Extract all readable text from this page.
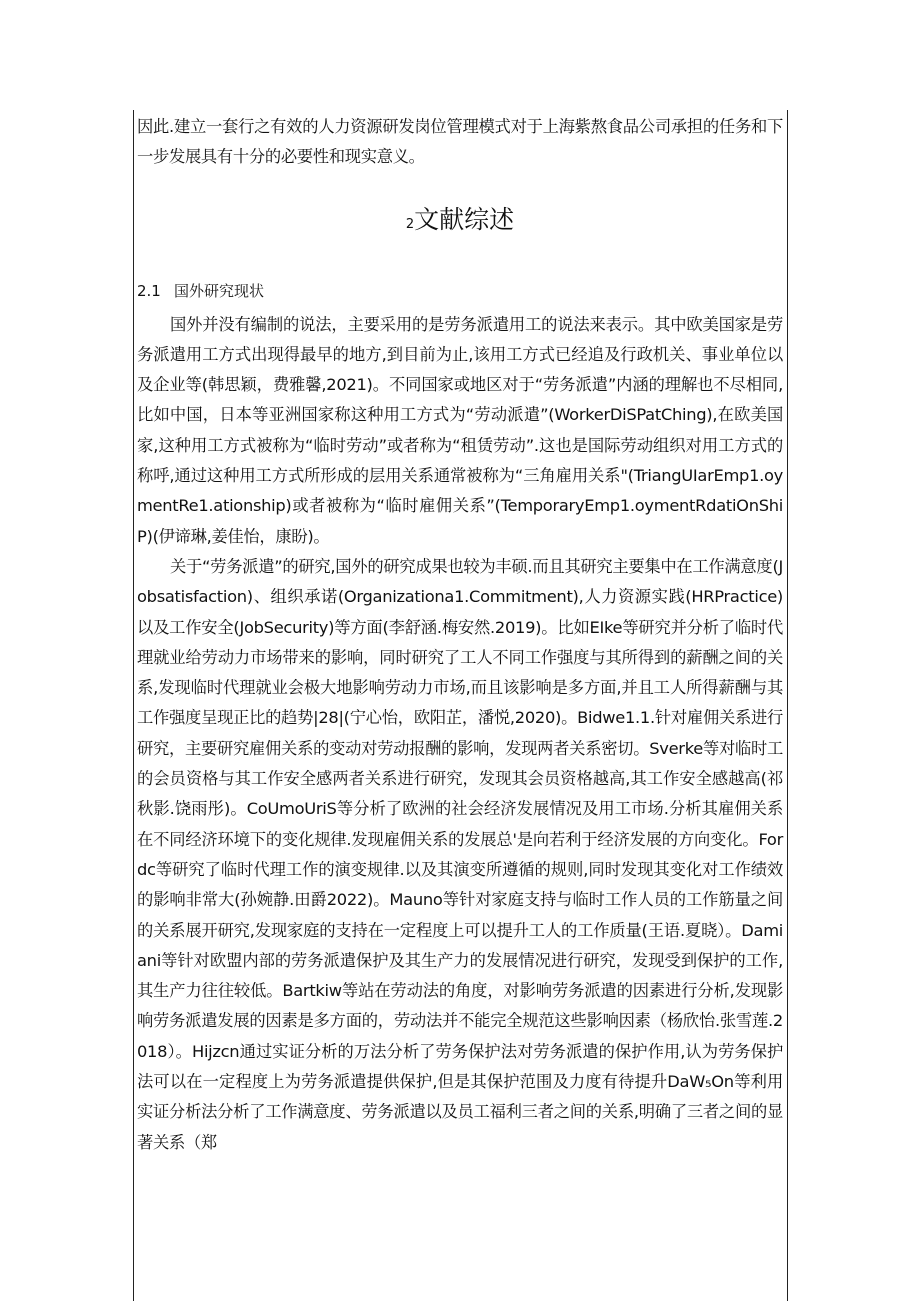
因此.建立一套行之有效的人力资源研发岗位管理模式对于上海紫熬食品公司承担的任务和下一步发展具有十分的必要性和现实意义。

2文献综述
2.1 国外研究现状

国外并没有编制的说法，主要采用的是劳务派遣用工的说法来表示。其中欧美国家是劳务派遣用工方式出现得最早的地方,到目前为止,该用工方式已经追及行政机关、事业单位以及企业等(韩思颖，费雅馨,2021)。不同国家或地区对于“劳务派遣”内涵的理解也不尽相同,比如中国，日本等亚洲国家称这种用工方式为“劳动派遣”(WorkerDiSPatChing),在欧美国家,这种用工方式被称为“临时劳动”或者称为“租赁劳动”.这也是国际劳动组织对用工方式的称呼,通过这种用工方式所形成的层用关系通常被称为“三角雇用关系"(TriangUIarEmp1.oymentRe1.ationship)或者被称为“临时雇佣关系”(TemporaryEmp1.oymentRdatiOnShiP)(伊谛琳,姜佳怡，康盼)。

关于“劳务派遣”的研究,国外的研究成果也较为丰硕.而且其研究主要集中在工作满意度(Jobsatisfaction)、组织承诺(Organizationa1.Commitment),人力资源实践(HRPractice)以及工作安全(JobSecurity)等方面(李舒涵.梅安然.2019)。比如EIke等研究并分析了临时代理就业给劳动力市场带来的影响，同时研究了工人不同工作强度与其所得到的薪酬之间的关系,发现临时代理就业会极大地影响劳动力市场,而且该影响是多方面,并且工人所得薪酬与其工作强度呈现正比的趋势|28|(宁心怡，欧阳芷，潘悦,2020)。Bidwe1.1.针对雇佣关系进行研究，主要研究雇佣关系的变动对劳动报酬的影响，发现两者关系密切。Sverke等对临时工的会员资格与其工作安全感两者关系进行研究，发现其会员资格越高,其工作安全感越高(祁秋影.饶雨彤)。CoUmoUriS等分析了欧洲的社会经济发展情况及用工市场.分析其雇佣关系在不同经济环境下的变化规律.发现雇佣关系的发展总'是向若利于经济发展的方向变化。Fordc等研究了临时代理工作的演变规律.以及其演变所遵循的规则,同时发现其变化对工作绩效的影响非常大(孙婉静.田爵2022)。Mauno等针对家庭支持与临时工作人员的工作筋量之间的关系展开研究,发现家庭的支持在一定程度上可以提升工人的工作质量(王语.夏晓）。Damiani等针对欧盟内部的劳务派遣保护及其生产力的发展情况进行研究，发现受到保护的工作,其生产力往往较低。Bartkiw等站在劳动法的角度，对影响劳务派遣的因素进行分析,发现影响劳务派遣发展的因素是多方面的，劳动法并不能完全规范这些影响因素（杨欣怡.张雪莲.2018）。Hijzcn通过实证分析的万法分析了劳务保护法对劳务派遣的保护作用,认为劳务保护法可以在一定程度上为劳务派遣提供保护,但是其保护范围及力度有待提升DaW₅On等利用实证分析法分析了工作满意度、劳务派遣以及员工福利三者之间的关系,明确了三者之间的显著关系（郑
